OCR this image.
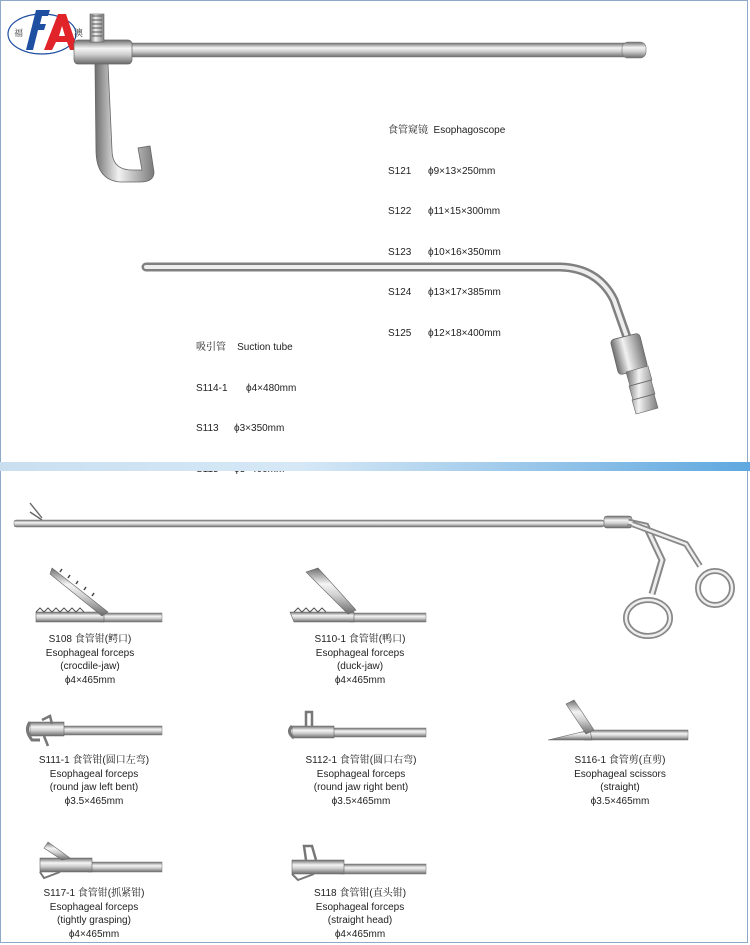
福	澳

食管窥镜  Esophagoscope

S121	ϕ9×13×250mm

S122	ϕ11×15×300mm

S123	ϕ10×16×350mm

S124	ϕ13×17×385mm

S125	ϕ12×18×400mm

吸引管    Suction tube

S114-1	ϕ4×480mm

S113	ϕ3×350mm

S108 食管钳(鳄口)
Esophageal forceps
(crocdile-jaw)
ϕ4×465mm
S110-1 食管钳(鸭口)
Esophageal forceps
(duck-jaw)
ϕ4×465mm
S111-1 食管钳(圆口左弯)
Esophageal forceps
(round jaw left bent)
ϕ3.5×465mm
S112-1 食管钳(圆口右弯)
Esophageal forceps
(round jaw right bent)
ϕ3.5×465mm
S116-1 食管剪(直剪)
Esophageal scissors
(straight)
ϕ3.5×465mm
S117-1 食管钳(抓紧钳)
Esophageal forceps
(tightly grasping)
ϕ4×465mm
S118 食管钳(直头钳)
Esophageal forceps
(straight head)
ϕ4×465mm
